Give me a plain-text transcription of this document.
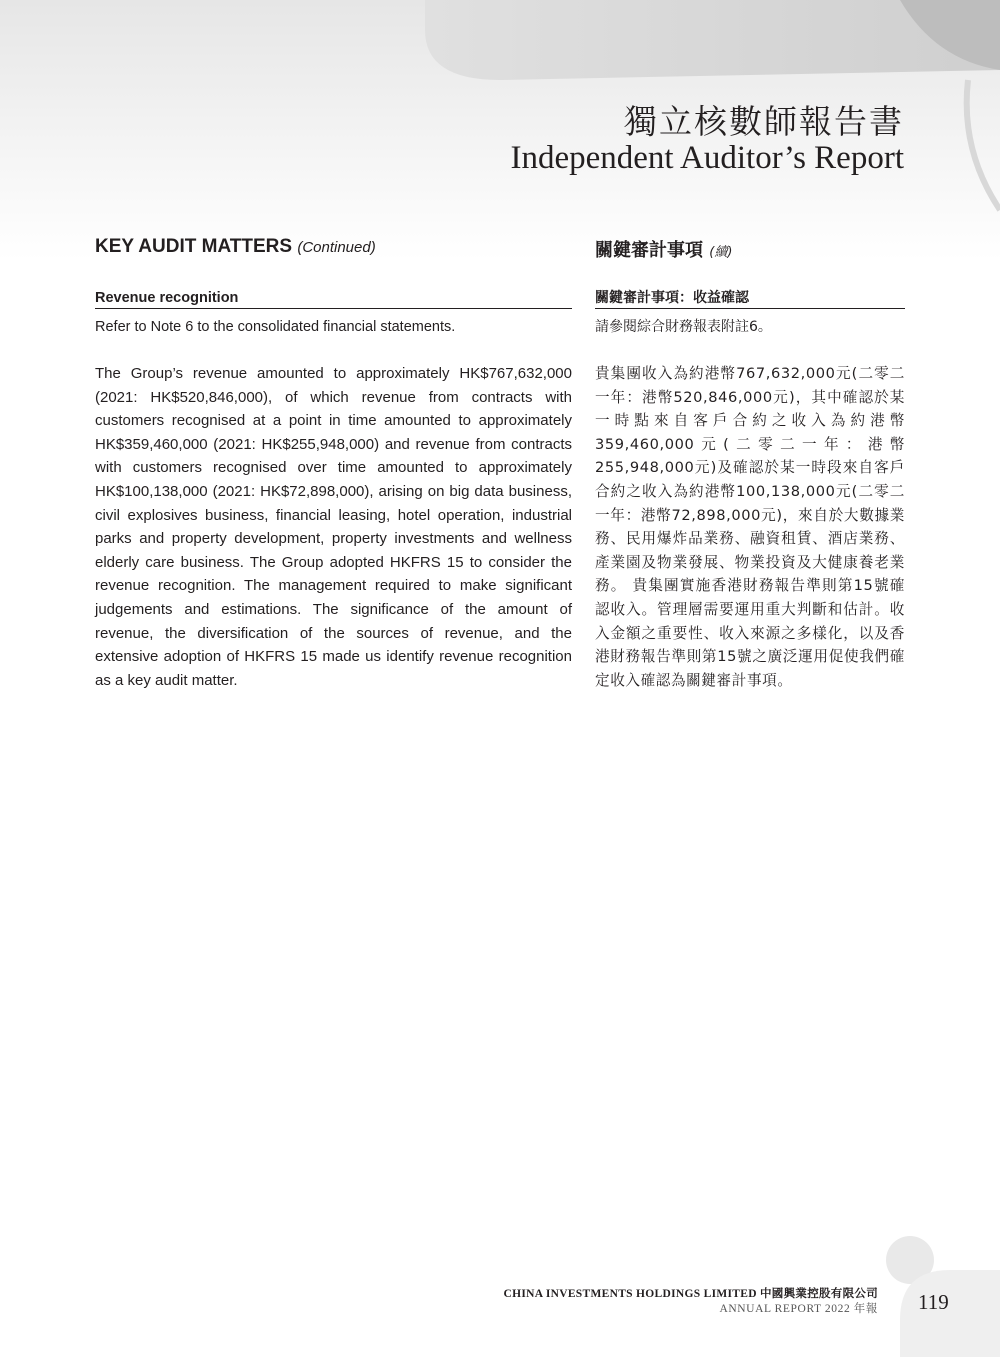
獨立核數師報告書
Independent Auditor’s Report
KEY AUDIT MATTERS (Continued)	關鍵審計事項 (續)
Revenue recognition	關鍵審計事項：收益確認
Refer to Note 6 to the consolidated financial statements.	請參閱綜合財務報表附註6。
The Group’s revenue amounted to approximately HK$767,632,000 (2021: HK$520,846,000), of which revenue from contracts with customers recognised at a point in time amounted to approximately HK$359,460,000 (2021: HK$255,948,000) and revenue from contracts with customers recognised over time amounted to approximately HK$100,138,000 (2021: HK$72,898,000), arising on big data business, civil explosives business, financial leasing, hotel operation, industrial parks and property development, property investments and wellness elderly care business. The Group adopted HKFRS 15 to consider the revenue recognition. The management required to make significant judgements and estimations. The significance of the amount of revenue, the diversification of the sources of revenue, and the extensive adoption of HKFRS 15 made us identify revenue recognition as a key audit matter.
貴集團收入為約港幣767,632,000元(二零二一年：港幣520,846,000元)，其中確認於某一時點來自客戶合約之收入為約港幣359,460,000元(二零二一年：港幣255,948,000元)及確認於某一時段來自客戶合約之收入為約港幣100,138,000元(二零二一年：港幣72,898,000元)，來自於大數據業務、民用爆炸品業務、融資租賃、酒店業務、產業園及物業發展、物業投資及大健康養老業務。 貴集團實施香港財務報告準則第15號確認收入。管理層需要運用重大判斷和估計。收入金額之重要性、收入來源之多樣化，以及香港財務報告準則第15號之廣泛運用促使我們確定收入確認為關鍵審計事項。
CHINA INVESTMENTS HOLDINGS LIMITED 中國興業控股有限公司
ANNUAL REPORT 2022 年報 119
